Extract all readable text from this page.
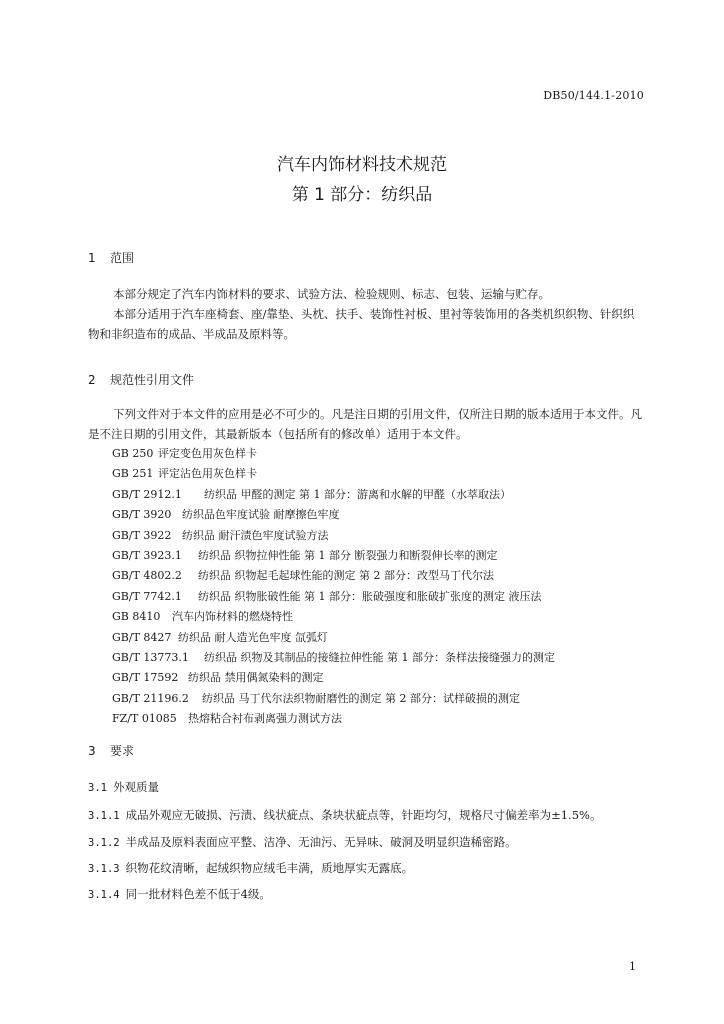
DB50/144.1-2010
汽车内饰材料技术规范
第 1 部分：纺织品
1 范围
本部分规定了汽车内饰材料的要求、试验方法、检验规则、标志、包装、运输与贮存。
本部分适用于汽车座椅套、座/靠垫、头枕、扶手、装饰性衬板、里衬等装饰用的各类机织织物、针织织物和非织造布的成品、半成品及原料等。
2 规范性引用文件
下列文件对于本文件的应用是必不可少的。凡是注日期的引用文件，仅所注日期的版本适用于本文件。凡是不注日期的引用文件，其最新版本（包括所有的修改单）适用于本文件。
GB 250 评定变色用灰色样卡
GB 251 评定沾色用灰色样卡
GB/T 2912.1 纺织品 甲醛的测定 第 1 部分：游离和水解的甲醛（水萃取法）
GB/T 3920 纺织品色牢度试验 耐摩擦色牢度
GB/T 3922 纺织品 耐汗渍色牢度试验方法
GB/T 3923.1 纺织品 织物拉伸性能 第 1 部分 断裂强力和断裂伸长率的测定
GB/T 4802.2 纺织品 织物起毛起球性能的测定 第 2 部分：改型马丁代尔法
GB/T 7742.1 纺织品 织物胀破性能 第 1 部分：胀破强度和胀破扩张度的测定 液压法
GB 8410 汽车内饰材料的燃烧特性
GB/T 8427 纺织品 耐人造光色牢度 氙弧灯
GB/T 13773.1 纺织品 织物及其制品的接缝拉伸性能 第 1 部分：条样法接缝强力的测定
GB/T 17592 纺织品 禁用偶氮染料的测定
GB/T 21196.2 纺织品 马丁代尔法织物耐磨性的测定 第 2 部分：试样破损的测定
FZ/T 01085 热熔粘合衬布剥离强力测试方法
3 要求
3.1 外观质量
3.1.1 成品外观应无破损、污渍、线状疵点、条块状疵点等，针距均匀，规格尺寸偏差率为±1.5%。
3.1.2 半成品及原料表面应平整、洁净、无油污、无异味、破洞及明显织造稀密路。
3.1.3 织物花纹清晰，起绒织物应绒毛丰满，质地厚实无露底。
3.1.4 同一批材料色差不低于4级。
1
